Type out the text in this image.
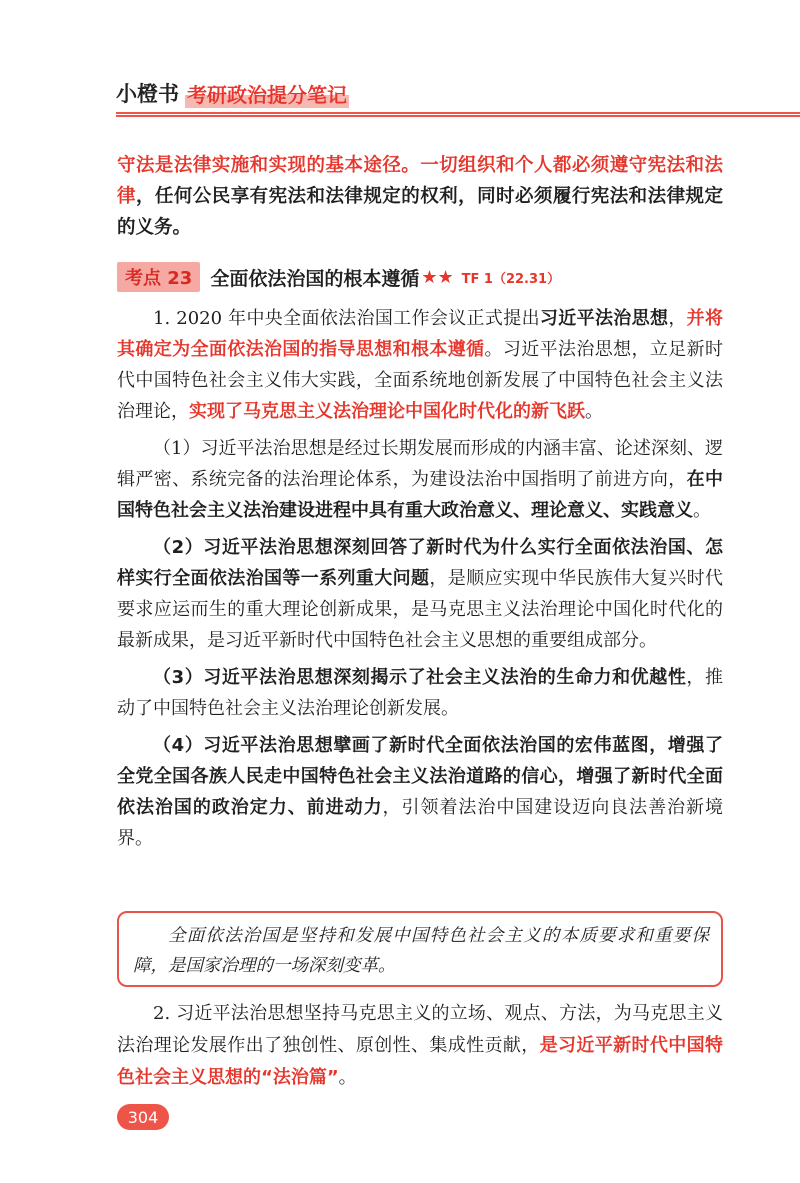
小橙书 考研政治提分笔记
守法是法律实施和实现的基本途径。一切组织和个人都必须遵守宪法和法律，任何公民享有宪法和法律规定的权利，同时必须履行宪法和法律规定的义务。
考点 23 全面依法治国的根本遵循 ★★ TF 1（22.31）

1. 2020 年中央全面依法治国工作会议正式提出习近平法治思想，并将其确定为全面依法治国的指导思想和根本遵循。习近平法治思想，立足新时代中国特色社会主义伟大实践，全面系统地创新发展了中国特色社会主义法治理论，实现了马克思主义法治理论中国化时代化的新飞跃。

（1）习近平法治思想是经过长期发展而形成的内涵丰富、论述深刻、逻辑严密、系统完备的法治理论体系，为建设法治中国指明了前进方向，在中国特色社会主义法治建设进程中具有重大政治意义、理论意义、实践意义。

（2）习近平法治思想深刻回答了新时代为什么实行全面依法治国、怎样实行全面依法治国等一系列重大问题，是顺应实现中华民族伟大复兴时代要求应运而生的重大理论创新成果，是马克思主义法治理论中国化时代化的最新成果，是习近平新时代中国特色社会主义思想的重要组成部分。

（3）习近平法治思想深刻揭示了社会主义法治的生命力和优越性，推动了中国特色社会主义法治理论创新发展。

（4）习近平法治思想擘画了新时代全面依法治国的宏伟蓝图，增强了全党全国各族人民走中国特色社会主义法治道路的信心，增强了新时代全面依法治国的政治定力、前进动力，引领着法治中国建设迈向良法善治新境界。

全面依法治国是坚持和发展中国特色社会主义的本质要求和重要保障，是国家治理的一场深刻变革。

2. 习近平法治思想坚持马克思主义的立场、观点、方法，为马克思主义法治理论发展作出了独创性、原创性、集成性贡献，是习近平新时代中国特色社会主义思想的“法治篇”。

304
